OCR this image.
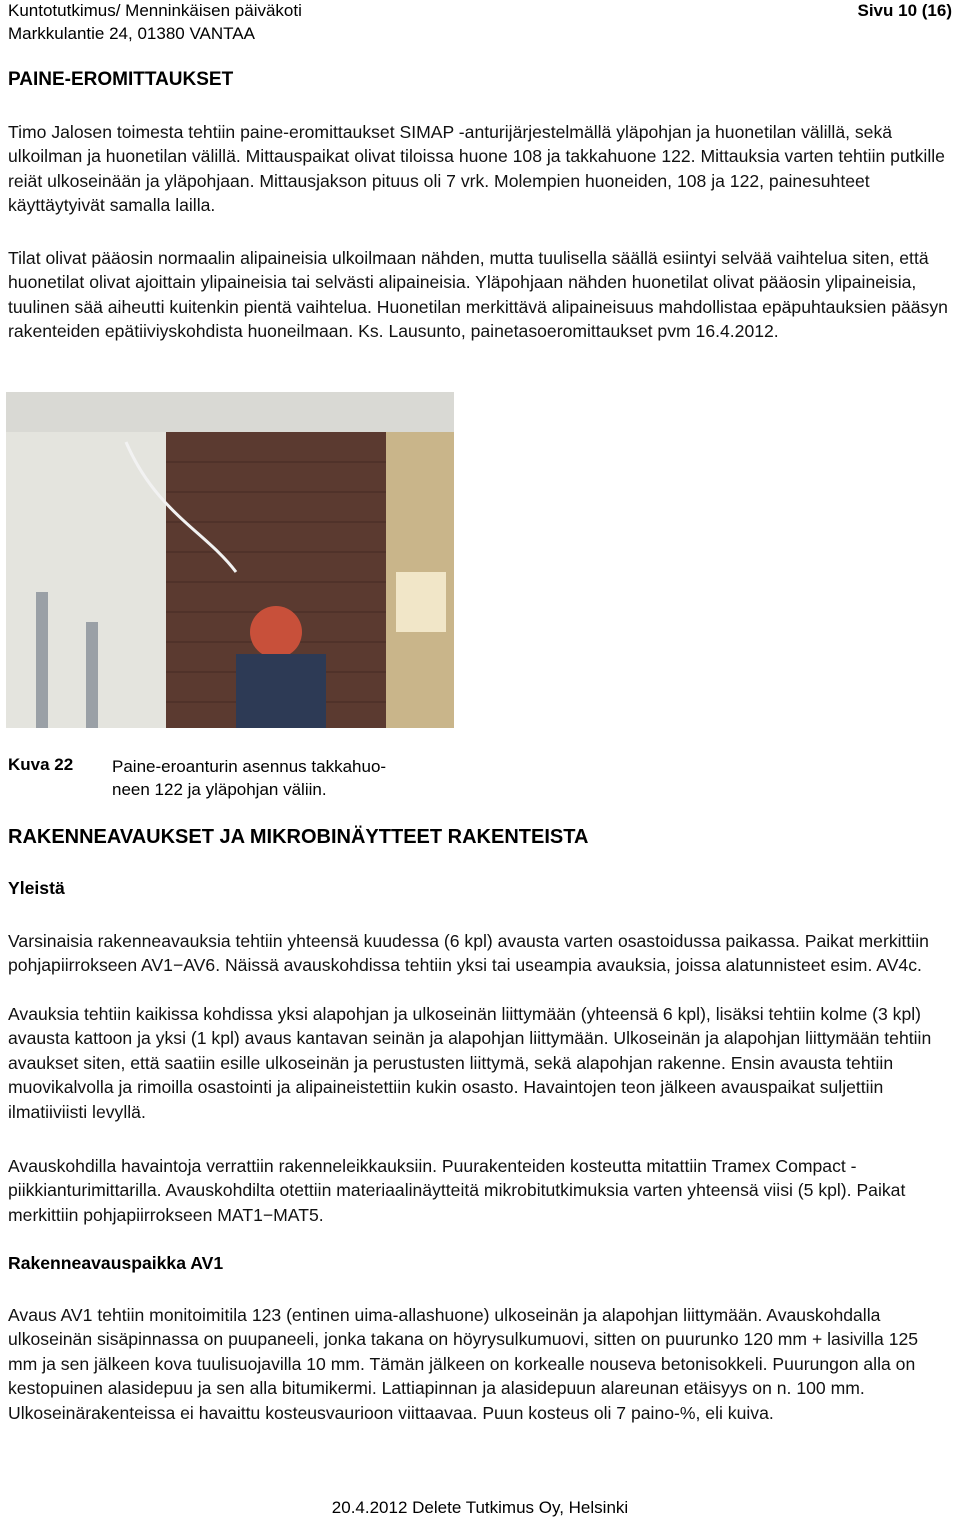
Kuntotutkimus/ Menninkäisen päiväkoti
Markkulantie 24, 01380 VANTAA
Sivu 10 (16)
PAINE-EROMITTAUKSET
Timo Jalosen toimesta tehtiin paine-eromittaukset SIMAP -anturijärjestelmällä yläpohjan ja huonetilan välillä, sekä ulkoilman ja huonetilan välillä. Mittauspaikat olivat tiloissa huone 108 ja takkahuone 122. Mittauksia varten tehtiin putkille reiät ulkoseinään ja yläpohjaan. Mittausjakson pituus oli 7 vrk. Molempien huoneiden, 108 ja 122, painesuhteet käyttäytyivät samalla lailla.
Tilat olivat pääosin normaalin alipaineisia ulkoilmaan nähden, mutta tuulisella säällä esiintyi selvää vaihtelua siten, että huonetilat olivat ajoittain ylipaineisia tai selvästi alipaineisia. Yläpohjaan nähden huonetilat olivat pääosin ylipaineisia, tuulinen sää aiheutti kuitenkin pientä vaihtelua. Huonetilan merkittävä alipaineisuus mahdollistaa epäpuhtauksien pääsyn rakenteiden epätiiviyskohdista huoneilmaan. Ks. Lausunto, painetasoeromittaukset pvm 16.4.2012.
Kuva 22 Paine-eroanturin asennus takkahuo-
neen 122 ja yläpohjan väliin.
RAKENNEAVAUKSET JA MIKROBINÄYTTEET RAKENTEISTA
Yleistä
Varsinaisia rakenneavauksia tehtiin yhteensä kuudessa (6 kpl) avausta varten osastoidussa paikassa. Paikat merkittiin pohjapiirrokseen AV1−AV6. Näissä avauskohdissa tehtiin yksi tai useampia avauksia, joissa alatunnisteet esim. AV4c.
Avauksia tehtiin kaikissa kohdissa yksi alapohjan ja ulkoseinän liittymään (yhteensä 6 kpl), lisäksi tehtiin kolme (3 kpl) avausta kattoon ja yksi (1 kpl) avaus kantavan seinän ja alapohjan liittymään. Ulkoseinän ja alapohjan liittymään tehtiin avaukset siten, että saatiin esille ulkoseinän ja perustusten liittymä, sekä alapohjan rakenne. Ensin avausta tehtiin muovikalvolla ja rimoilla osastointi ja alipaineistettiin kukin osasto. Havaintojen teon jälkeen avauspaikat suljettiin ilmatiiviisti levyllä.
Avauskohdilla havaintoja verrattiin rakenneleikkauksiin. Puurakenteiden kosteutta mitattiin Tramex Compact -piikkianturimittarilla. Avauskohdilta otettiin materiaalinäytteitä mikrobitutkimuksia varten yhteensä viisi (5 kpl). Paikat merkittiin pohjapiirrokseen MAT1−MAT5.
Rakenneavauspaikka AV1
Avaus AV1 tehtiin monitoimitila 123 (entinen uima-allashuone) ulkoseinän ja alapohjan liittymään. Avauskohdalla ulkoseinän sisäpinnassa on puupaneeli, jonka takana on höyrysulkumuovi, sitten on puurunko 120 mm + lasivilla 125 mm ja sen jälkeen kova tuulisuojavilla 10 mm. Tämän jälkeen on korkealle nouseva betonisokkeli. Puurungon alla on kestopuinen alasidepuu ja sen alla bitumikermi. Lattiapinnan ja alasidepuun alareunan etäisyys on n. 100 mm. Ulkoseinärakenteissa ei havaittu kosteusvaurioon viittaavaa. Puun kosteus oli 7 paino-%, eli kuiva.
20.4.2012 Delete Tutkimus Oy, Helsinki
